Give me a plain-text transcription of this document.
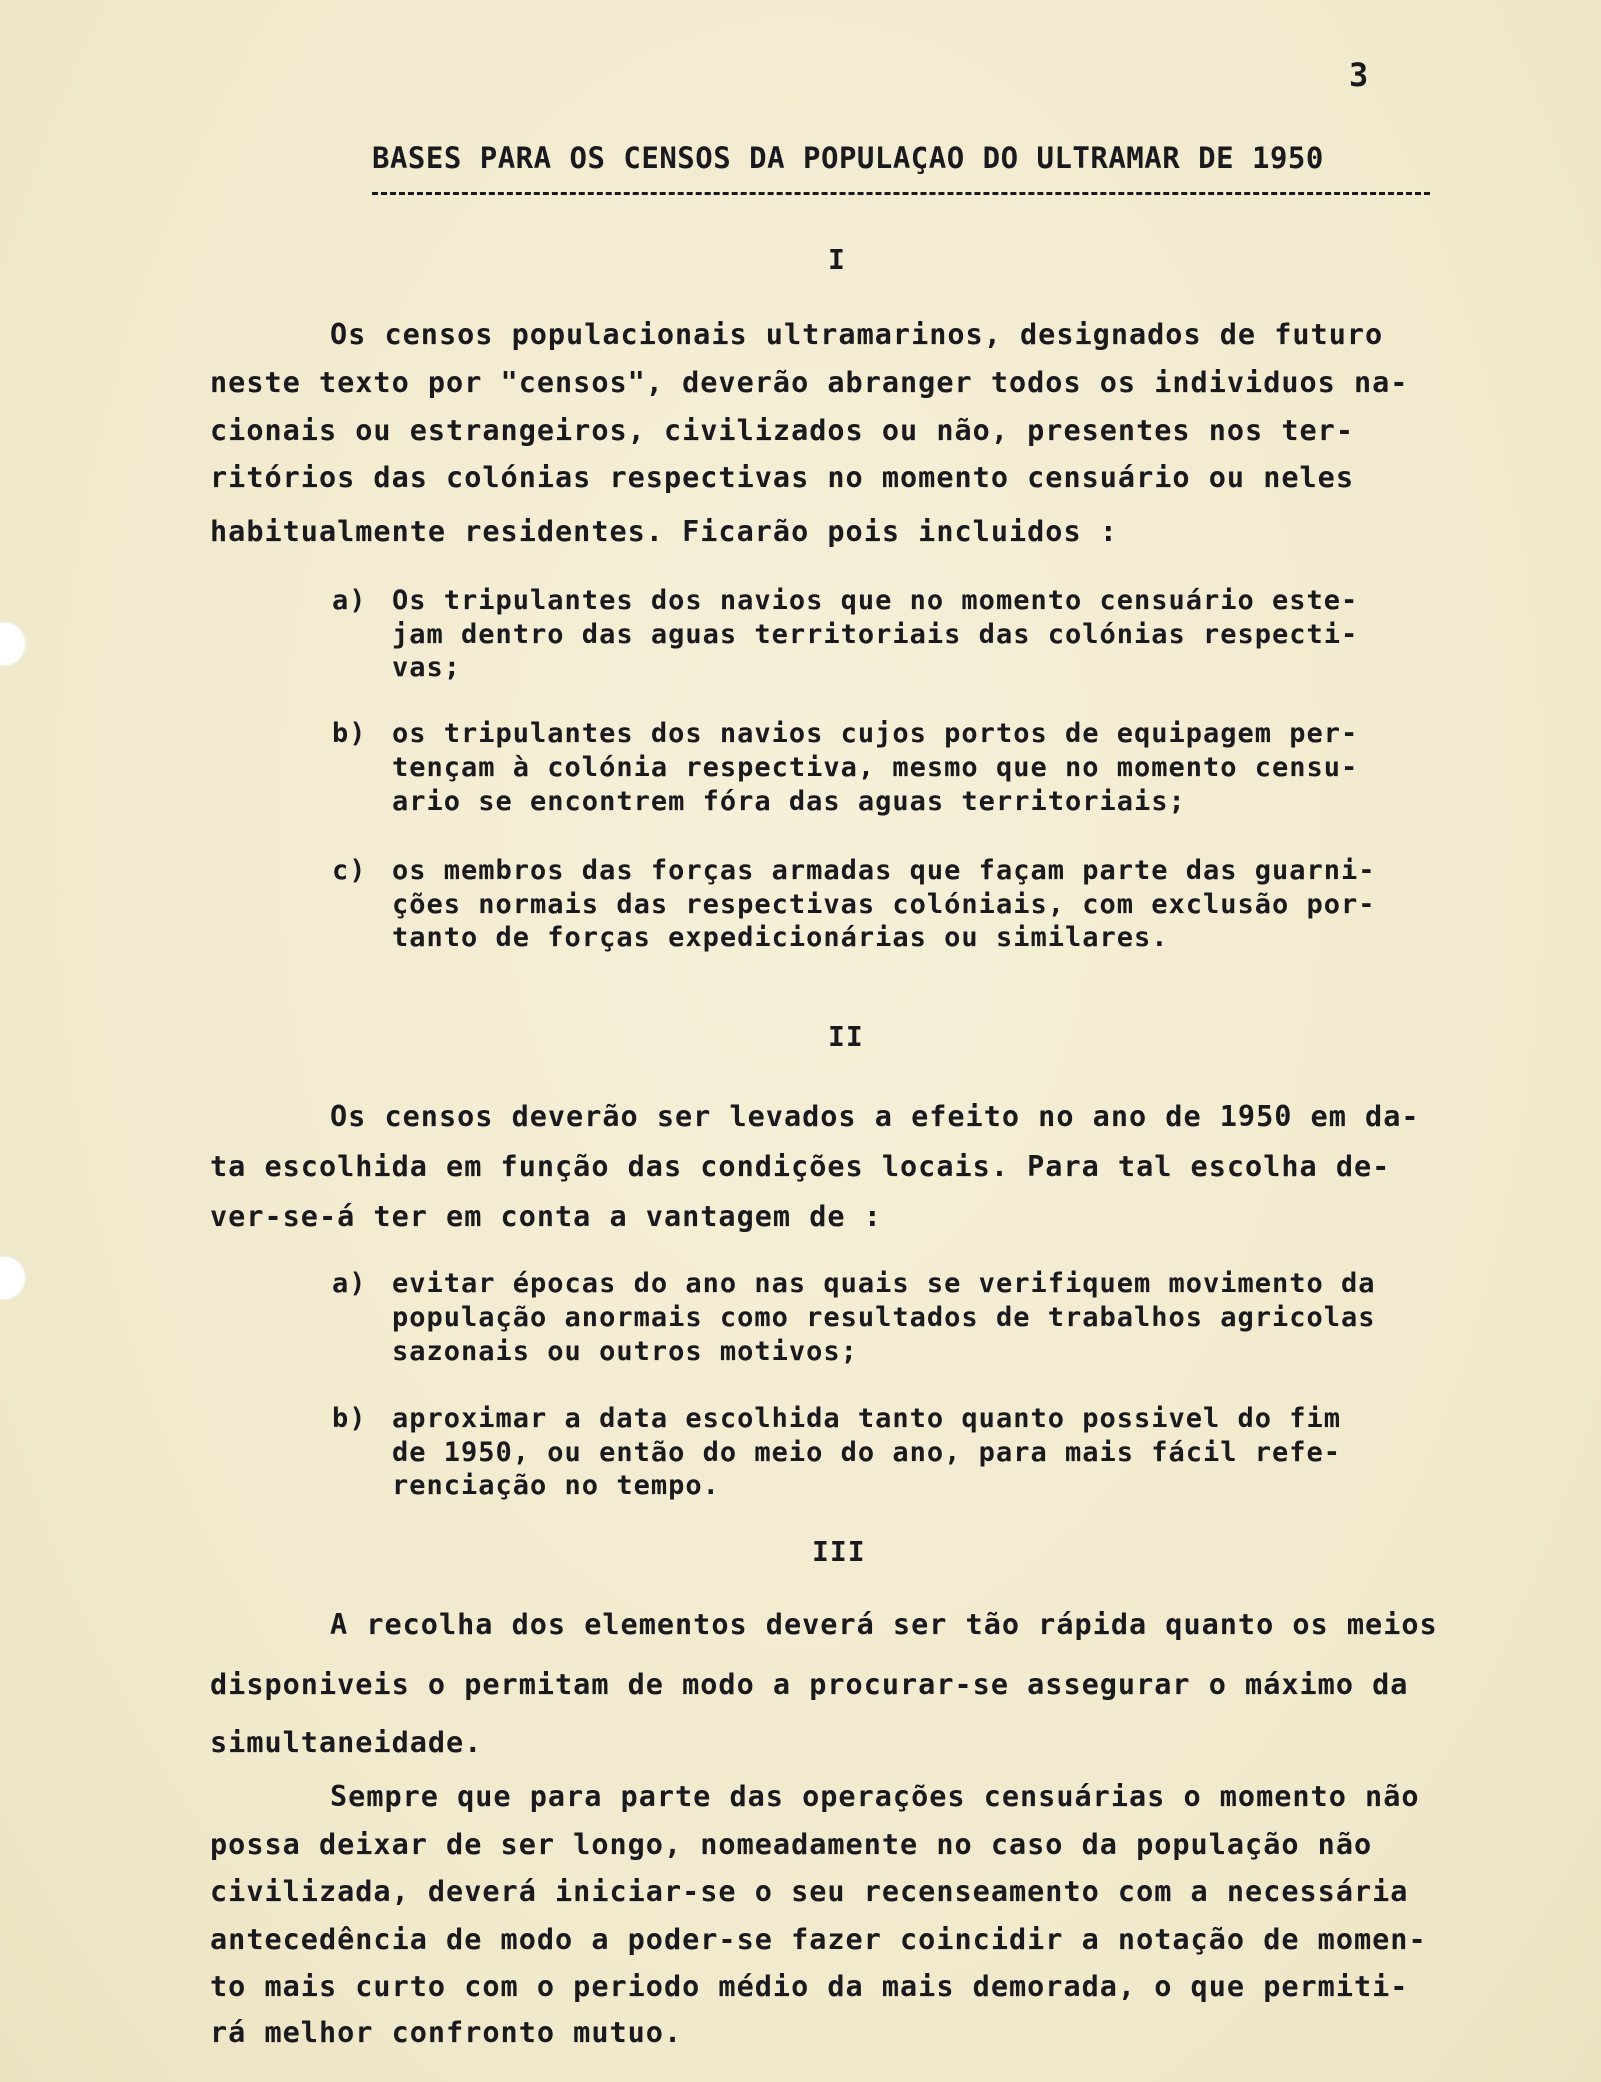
3
BASES PARA OS CENSOS DA POPULAÇAO DO ULTRAMAR DE 1950
I
Os censos populacionais ultramarinos, designados de futuro
neste texto por "censos", deverão abranger todos os individuos na-
cionais ou estrangeiros, civilizados ou não, presentes nos ter-
ritórios das colónias respectivas no momento censuário ou neles
habitualmente residentes. Ficarão pois incluidos :
a) Os tripulantes dos navios que no momento censuário este-
jam dentro das aguas territoriais das colónias respecti-
vas;
b) os tripulantes dos navios cujos portos de equipagem per-
tençam à colónia respectiva, mesmo que no momento censu-
ario se encontrem fóra das aguas territoriais;
c) os membros das forças armadas que façam parte das guarni-
ções normais das respectivas colóniais, com exclusão por-
tanto de forças expedicionárias ou similares.
II
Os censos deverão ser levados a efeito no ano de 1950 em da-
ta escolhida em função das condições locais. Para tal escolha de-
ver-se-á ter em conta a vantagem de :
a) evitar épocas do ano nas quais se verifiquem movimento da
população anormais como resultados de trabalhos agricolas
sazonais ou outros motivos;
b) aproximar a data escolhida tanto quanto possivel do fim
de 1950, ou então do meio do ano, para mais fácil refe-
renciação no tempo.
III
A recolha dos elementos deverá ser tão rápida quanto os meios
disponiveis o permitam de modo a procurar-se assegurar o máximo da
simultaneidade.
Sempre que para parte das operações censuárias o momento não
possa deixar de ser longo, nomeadamente no caso da população não
civilizada, deverá iniciar-se o seu recenseamento com a necessária
antecedência de modo a poder-se fazer coincidir a notação de momen-
to mais curto com o periodo médio da mais demorada, o que permiti-
rá melhor confronto mutuo.
